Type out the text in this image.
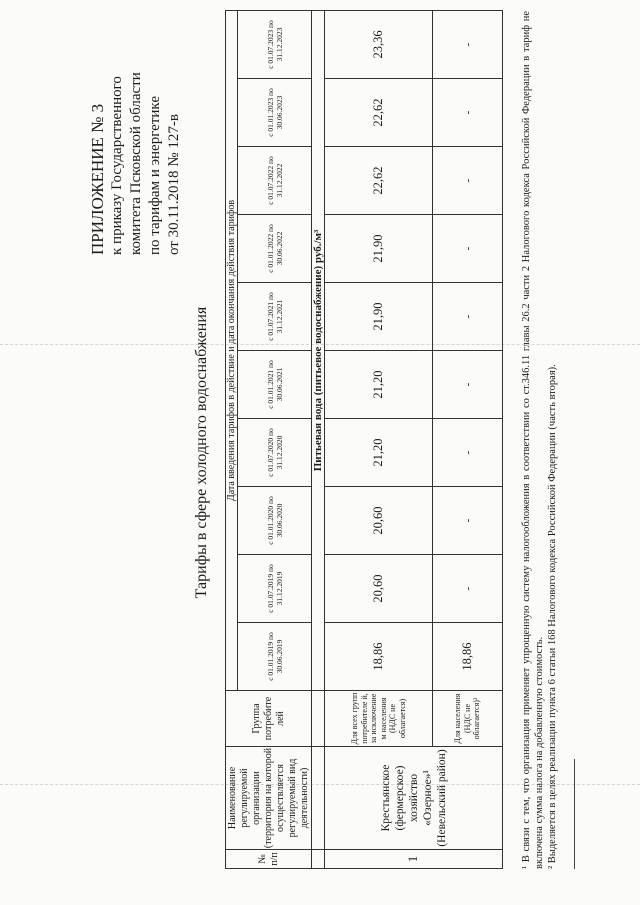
ПРИЛОЖЕНИЕ № 3 к приказу Государственного комитета Псковской области по тарифам и энергетике от 30.11.2018 № 127-в
Тарифы в сфере холодного водоснабжения
№ п/п	Наименование регулируемой организации (территория на которой осуществляется регулируемый вид деятельности)	Группа потребите лей	Дата введения тарифов в действие и дата окончания действия тарифов									
			с 01.01.2019 по 30.06.2019	с 01.07.2019 по 31.12.2019	с 01.01.2020 по 30.06.2020	с 01.07.2020 по 31.12.2020	с 01.01.2021 по 30.06.2021	с 01.07.2021 по 31.12.2021	с 01.01.2022 по 30.06.2022	с 01.07.2022 по 31.12.2022	с 01.01.2023 по 30.06.2023	с 01.07.2023 по 31.12.2023
			Питьевая вода (питьевое водоснабжение) руб./м³									
1	Крестьянское (фермерское) хозяйство «Озерное»¹ (Невельский район)	Для всех групп потребителе й, за исключение м населения (НДС не облагается)	18,86	20,60	20,60	21,20	21,20	21,90	21,90	22,62	22,62	23,36
		Для населения (НДС не облагается)²	18,86	-	-	-	-	-	-	-	-	-	¹ В связи с тем, что организация применяет упрощенную систему налогообложения в соответствии со ст.346.11 главы 26.2 части 2 Налогового кодекса Российской Федерации в тариф не включена сумма налога на добавленную стоимость. ² Выделяется в целях реализации пункта 6 статьи 168 Налогового кодекса Российской Федерации (часть вторая).
